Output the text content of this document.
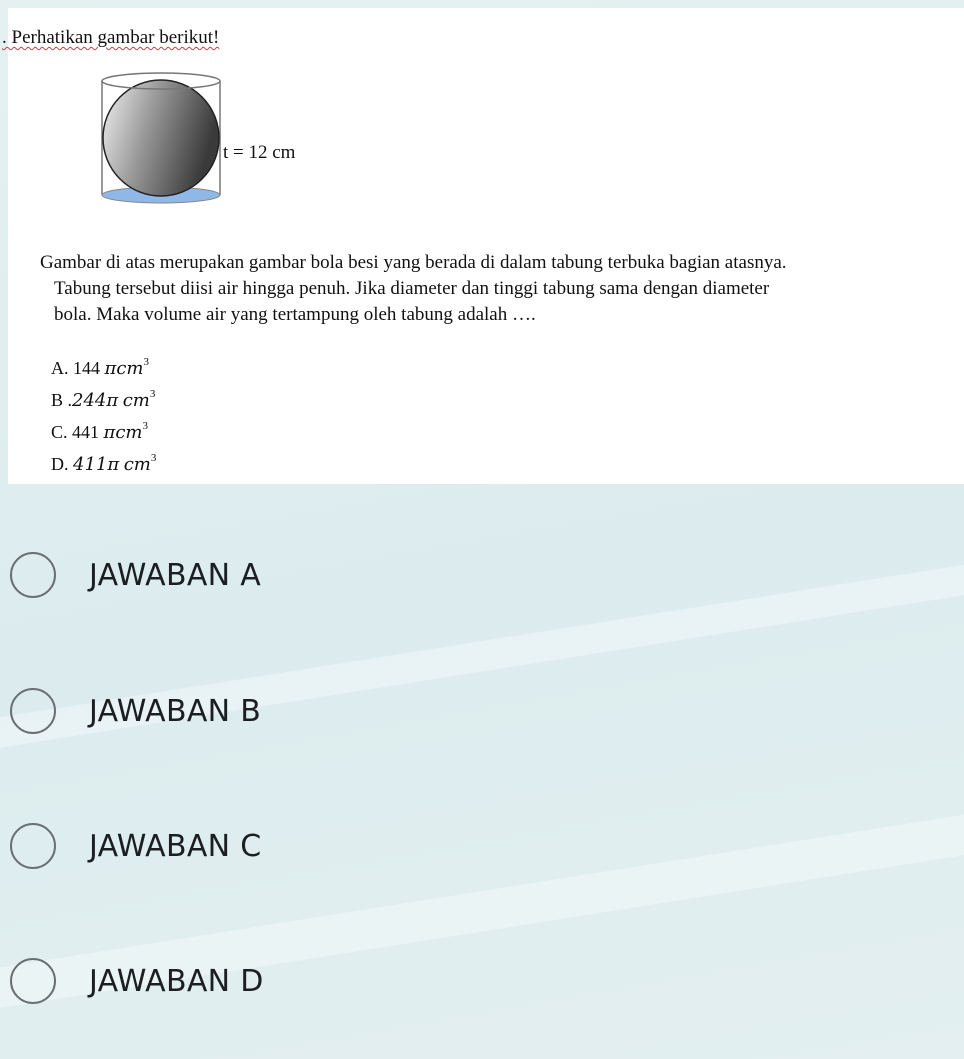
. Perhatikan gambar berikut!
t = 12 cm
Gambar di atas merupakan gambar bola besi yang berada di dalam tabung terbuka bagian atasnya.
Tabung tersebut diisi air hingga penuh. Jika diameter dan tinggi tabung sama dengan diameter
bola. Maka volume air yang tertampung oleh tabung adalah ….
A. 144 πcm$^3$
B .244π $cm^3$
C. 441 πcm$^3$
D. 411π $cm^3$
JAWABAN A
JAWABAN B
JAWABAN C
JAWABAN D
